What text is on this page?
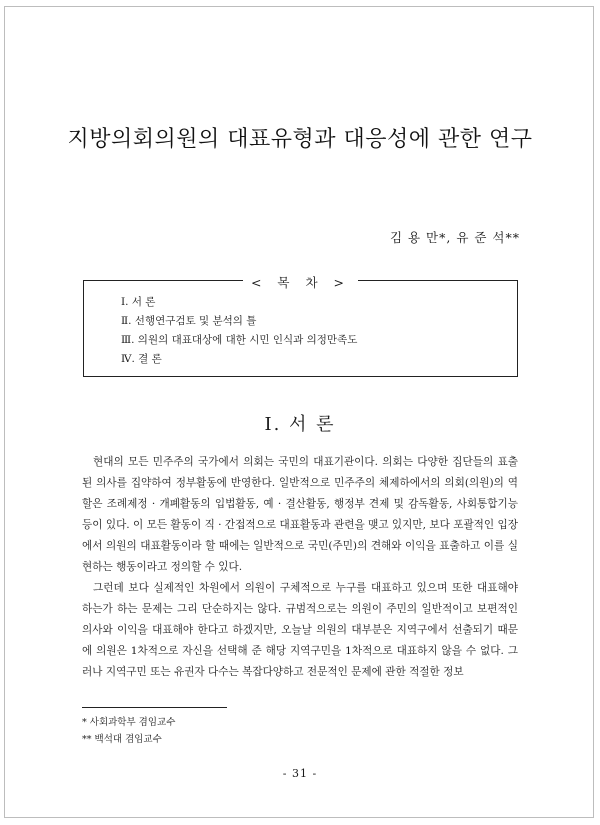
지방의회의원의 대표유형과 대응성에 관한 연구
김 용 만*, 유 준 석**
< 목 차 >
Ⅰ. 서 론
Ⅱ. 선행연구검토 및 분석의 틀
Ⅲ. 의원의 대표대상에 대한 시민 인식과 의정만족도
Ⅳ. 결 론
Ⅰ. 서 론

현대의 모든 민주주의 국가에서 의회는 국민의 대표기관이다. 의회는 다양한 집단들의 표출된 의사를 집약하여 정부활동에 반영한다. 일반적으로 민주주의 체제하에서의 의회(의원)의 역할은 조례제정 · 개폐활동의 입법활동, 예 · 결산활동, 행정부 견제 및 감독활동, 사회통합기능 등이 있다. 이 모든 활동이 직 · 간접적으로 대표활동과 관련을 맺고 있지만, 보다 포괄적인 입장에서 의원의 대표활동이라 할 때에는 일반적으로 국민(주민)의 견해와 이익을 표출하고 이를 실현하는 행동이라고 정의할 수 있다.

그런데 보다 실제적인 차원에서 의원이 구체적으로 누구를 대표하고 있으며 또한 대표해야 하는가 하는 문제는 그리 단순하지는 않다. 규범적으로는 의원이 주민의 일반적이고 보편적인 의사와 이익을 대표해야 한다고 하겠지만, 오늘날 의원의 대부분은 지역구에서 선출되기 때문에 의원은 1차적으로 자신을 선택해 준 해당 지역구민을 1차적으로 대표하지 않을 수 없다. 그러나 지역구민 또는 유권자 다수는 복잡다양하고 전문적인 문제에 관한 적절한 정보

* 사회과학부 겸임교수
** 백석대 겸임교수
- 31 -
